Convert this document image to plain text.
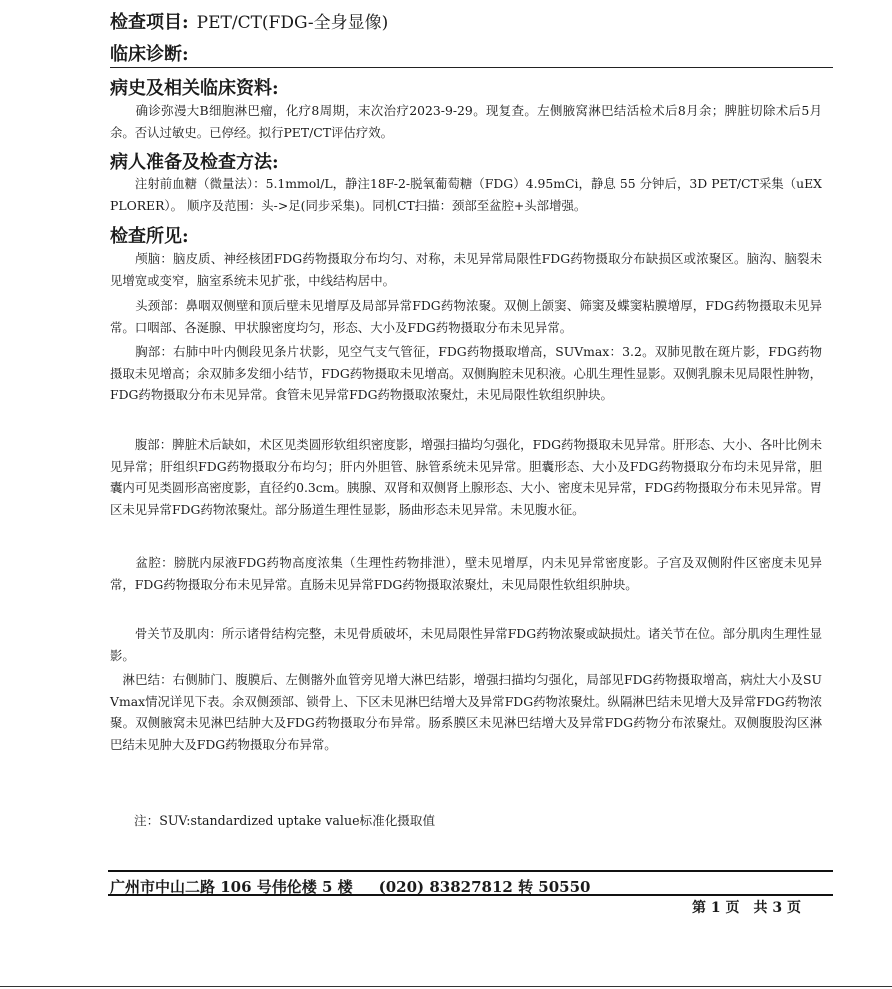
检查项目: PET/CT(FDG-全身显像)
临床诊断:
病史及相关临床资料:
　　确诊弥漫大B细胞淋巴瘤，化疗8周期，末次治疗2023-9-29。现复查。左侧腋窝淋巴结活检术后8月余；脾脏切除术后5月余。否认过敏史。已停经。拟行PET/CT评估疗效。
病人准备及检查方法:
　　注射前血糖（微量法）：5.1mmol/L，静注18F-2-脱氧葡萄糖（FDG）4.95mCi，静息 55 分钟后，3D PET/CT采集（uEXPLORER）。 顺序及范围：头->足(同步采集)。同机CT扫描：颈部至盆腔+头部增强。
检查所见:
　　颅脑：脑皮质、神经核团FDG药物摄取分布均匀、对称，未见异常局限性FDG药物摄取分布缺损区或浓聚区。脑沟、脑裂未见增宽或变窄，脑室系统未见扩张，中线结构居中。
　　头颈部：鼻咽双侧壁和顶后壁未见增厚及局部异常FDG药物浓聚。双侧上颌窦、筛窦及蝶窦粘膜增厚，FDG药物摄取未见异常。口咽部、各涎腺、甲状腺密度均匀，形态、大小及FDG药物摄取分布未见异常。
　　胸部：右肺中叶内侧段见条片状影，见空气支气管征，FDG药物摄取增高，SUVmax：3.2。双肺见散在斑片影，FDG药物摄取未见增高；余双肺多发细小结节，FDG药物摄取未见增高。双侧胸腔未见积液。心肌生理性显影。双侧乳腺未见局限性肿物，FDG药物摄取分布未见异常。食管未见异常FDG药物摄取浓聚灶，未见局限性软组织肿块。
　　腹部：脾脏术后缺如，术区见类圆形软组织密度影，增强扫描均匀强化，FDG药物摄取未见异常。肝形态、大小、各叶比例未见异常；肝组织FDG药物摄取分布均匀；肝内外胆管、脉管系统未见异常。胆囊形态、大小及FDG药物摄取分布均未见异常，胆囊内可见类圆形高密度影，直径约0.3cm。胰腺、双肾和双侧肾上腺形态、大小、密度未见异常，FDG药物摄取分布未见异常。胃区未见异常FDG药物浓聚灶。部分肠道生理性显影，肠曲形态未见异常。未见腹水征。
　　盆腔：膀胱内尿液FDG药物高度浓集（生理性药物排泄），壁未见增厚，内未见异常密度影。子宫及双侧附件区密度未见异常，FDG药物摄取分布未见异常。直肠未见异常FDG药物摄取浓聚灶，未见局限性软组织肿块。
　　骨关节及肌肉：所示诸骨结构完整，未见骨质破坏，未见局限性异常FDG药物浓聚或缺损灶。诸关节在位。部分肌肉生理性显影。
　淋巴结：右侧肺门、腹膜后、左侧髂外血管旁见增大淋巴结影，增强扫描均匀强化，局部见FDG药物摄取增高，病灶大小及SUVmax情况详见下表。余双侧颈部、锁骨上、下区未见淋巴结增大及异常FDG药物浓聚灶。纵隔淋巴结未见增大及异常FDG药物浓聚。双侧腋窝未见淋巴结肿大及FDG药物摄取分布异常。肠系膜区未见淋巴结增大及异常FDG药物分布浓聚灶。双侧腹股沟区淋巴结未见肿大及FDG药物摄取分布异常。
注：SUV:standardized uptake value标准化摄取值
广州市中山二路 106 号伟伦楼 5 楼 (020) 83827812 转 50550
第 1 页 共 3 页
